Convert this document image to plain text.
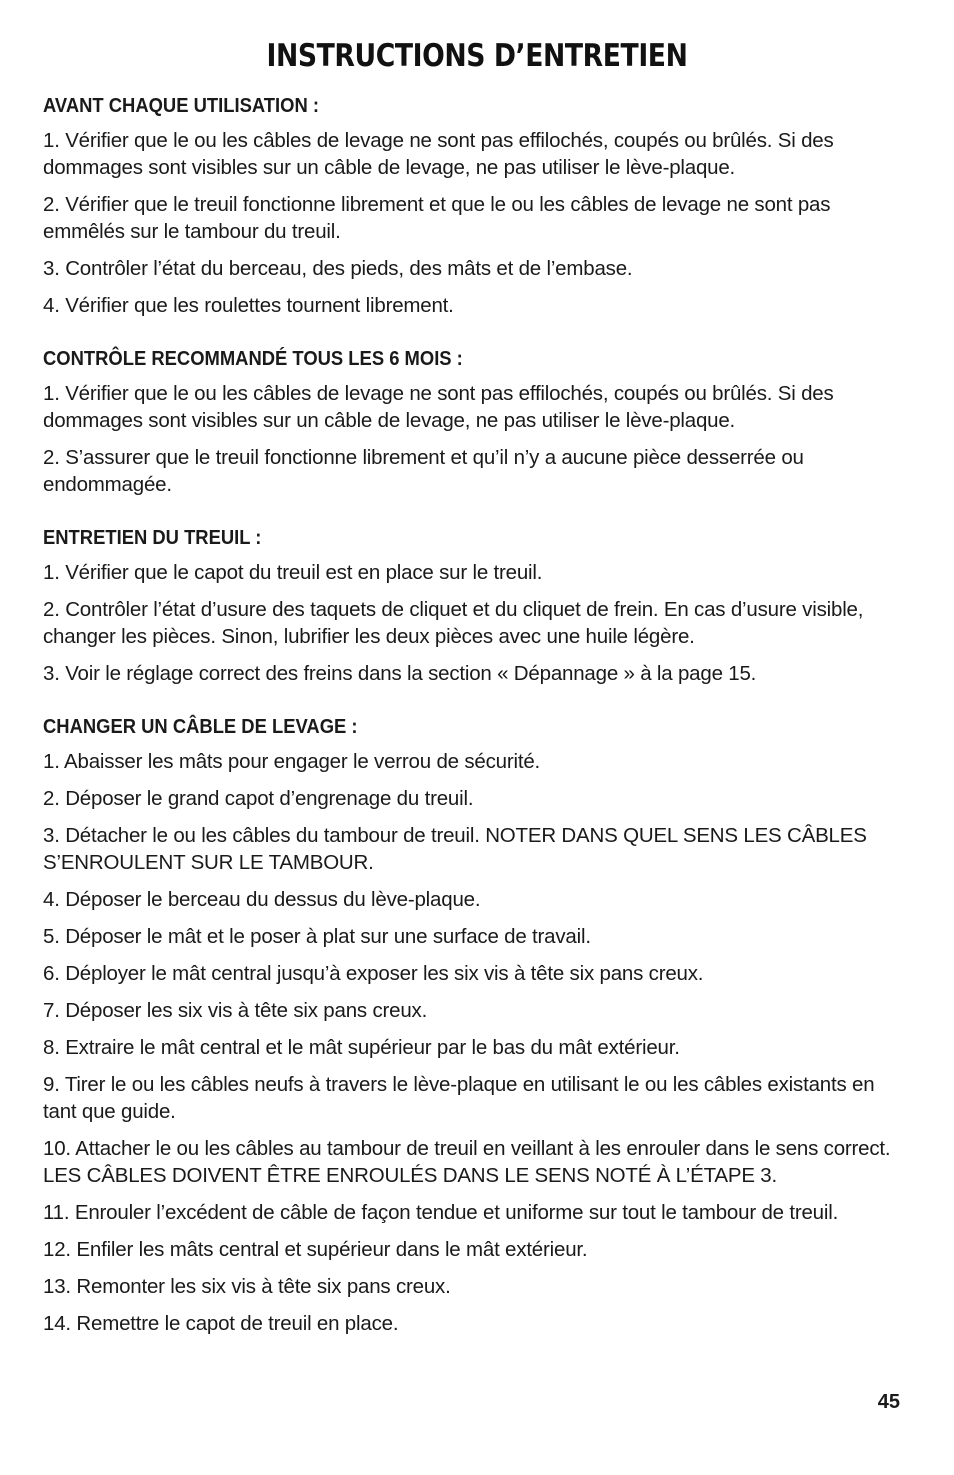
INSTRUCTIONS D’ENTRETIEN
AVANT CHAQUE UTILISATION :

1. Vérifier que le ou les câbles de levage ne sont pas effilochés, coupés ou brûlés. Si des dommages sont visibles sur un câble de levage, ne pas utiliser le lève-plaque.

2. Vérifier que le treuil fonctionne librement et que le ou les câbles de levage ne sont pas emmêlés sur le tambour du treuil.

3. Contrôler l’état du berceau, des pieds, des mâts et de l’embase.

4. Vérifier que les roulettes tournent librement.

CONTRÔLE RECOMMANDÉ TOUS LES 6 MOIS :

1. Vérifier que le ou les câbles de levage ne sont pas effilochés, coupés ou brûlés. Si des dommages sont visibles sur un câble de levage, ne pas utiliser le lève-plaque.

2. S’assurer que le treuil fonctionne librement et qu’il n’y a aucune pièce desserrée ou endommagée.

ENTRETIEN DU TREUIL :

1. Vérifier que le capot du treuil est en place sur le treuil.

2. Contrôler l’état d’usure des taquets de cliquet et du cliquet de frein. En cas d’usure visible, changer les pièces. Sinon, lubrifier les deux pièces avec une huile légère.

3. Voir le réglage correct des freins dans la section « Dépannage » à la page 15.

CHANGER UN CÂBLE DE LEVAGE :

1. Abaisser les mâts pour engager le verrou de sécurité.

2. Déposer le grand capot d’engrenage du treuil.

3. Détacher le ou les câbles du tambour de treuil. NOTER DANS QUEL SENS LES CÂBLES S’ENROULENT SUR LE TAMBOUR.

4. Déposer le berceau du dessus du lève-plaque.

5. Déposer le mât et le poser à plat sur une surface de travail.

6. Déployer le mât central jusqu’à exposer les six vis à tête six pans creux.

7. Déposer les six vis à tête six pans creux.

8. Extraire le mât central et le mât supérieur par le bas du mât extérieur.

9. Tirer le ou les câbles neufs à travers le lève-plaque en utilisant le ou les câbles existants en tant que guide.

10. Attacher le ou les câbles au tambour de treuil en veillant à les enrouler dans le sens correct. LES CÂBLES DOIVENT ÊTRE ENROULÉS DANS LE SENS NOTÉ À L’ÉTAPE 3.

11. Enrouler l’excédent de câble de façon tendue et uniforme sur tout le tambour de treuil.

12. Enfiler les mâts central et supérieur dans le mât extérieur.

13. Remonter les six vis à tête six pans creux.

14. Remettre le capot de treuil en place.

45
